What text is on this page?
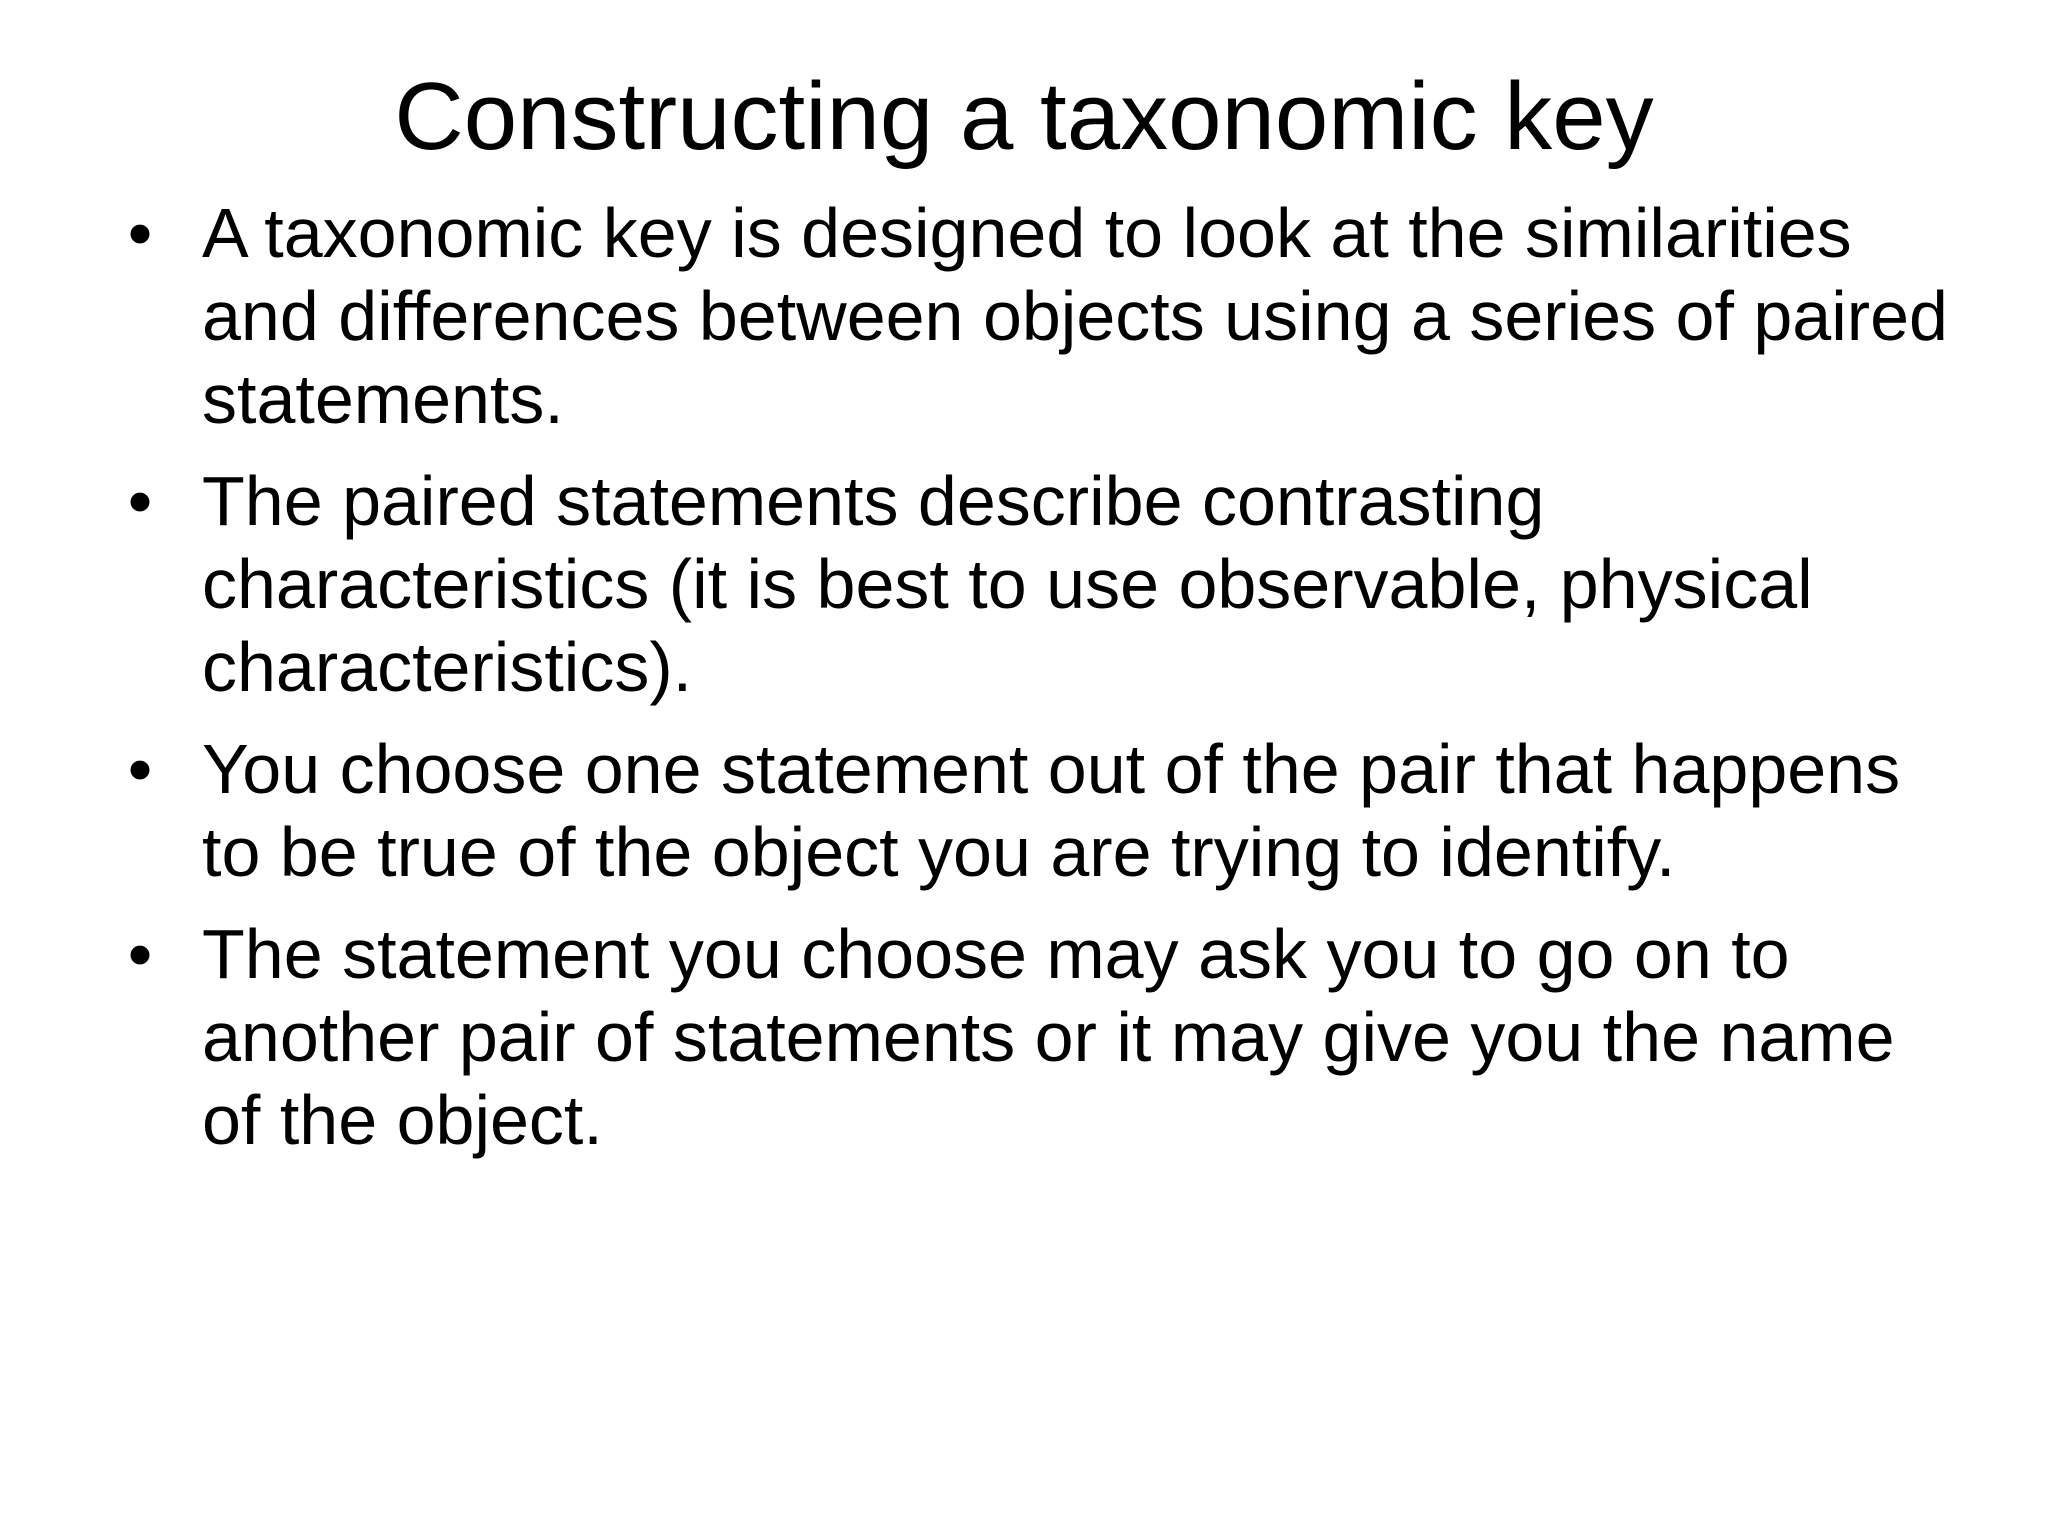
Constructing a taxonomic key
• A taxonomic key is designed to look at the similarities and differences between objects using a series of paired statements.
• The paired statements describe contrasting characteristics (it is best to use observable, physical characteristics).
• You choose one statement out of the pair that happens to be true of the object you are trying to identify.
• The statement you choose may ask you to go on to another pair of statements or it may give you the name of the object.
